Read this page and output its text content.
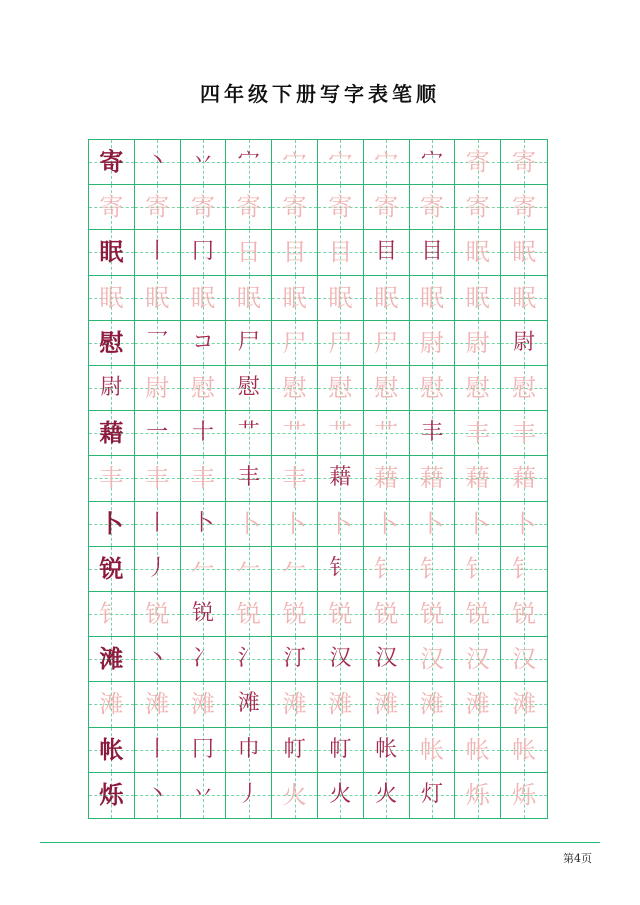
四年级下册写字表笔顺
寄 丶 丷 宀 宀 宀 宀 宀 寄 寄
寄 寄 寄 寄 寄 寄 寄 寄 寄 寄
眠 丨 冂 日 目 目 目 目 眠 眠
眠 眠 眠 眠 眠 眠 眠 眠 眠 眠
慰 乛 コ 尸 尸 尸 尸 尉 尉 尉
尉 尉 慰 慰 慰 慰 慰 慰 慰 慰
藉 一 十 艹 艹 艹 艹 丰 丰 丰
丰 丰 丰 丰 丰 藉 藉 藉 藉 藉
卜 丨 卜 卜 卜 卜 卜 卜 卜 卜
锐 丿 𠂉 𠂉 𠂉 钅 钅 钅 钅 钅
钅 锐 锐 锐 锐 锐 锐 锐 锐 锐
滩 丶 冫 氵 汀 汉 汉 汉 汉 汉
滩 滩 滩 滩 滩 滩 滩 滩 滩 滩
帐 丨 冂 巾 帄 帄 帐 帐 帐 帐
烁 丶 丷 丿 火 火 火 灯 烁 烁
第4页
